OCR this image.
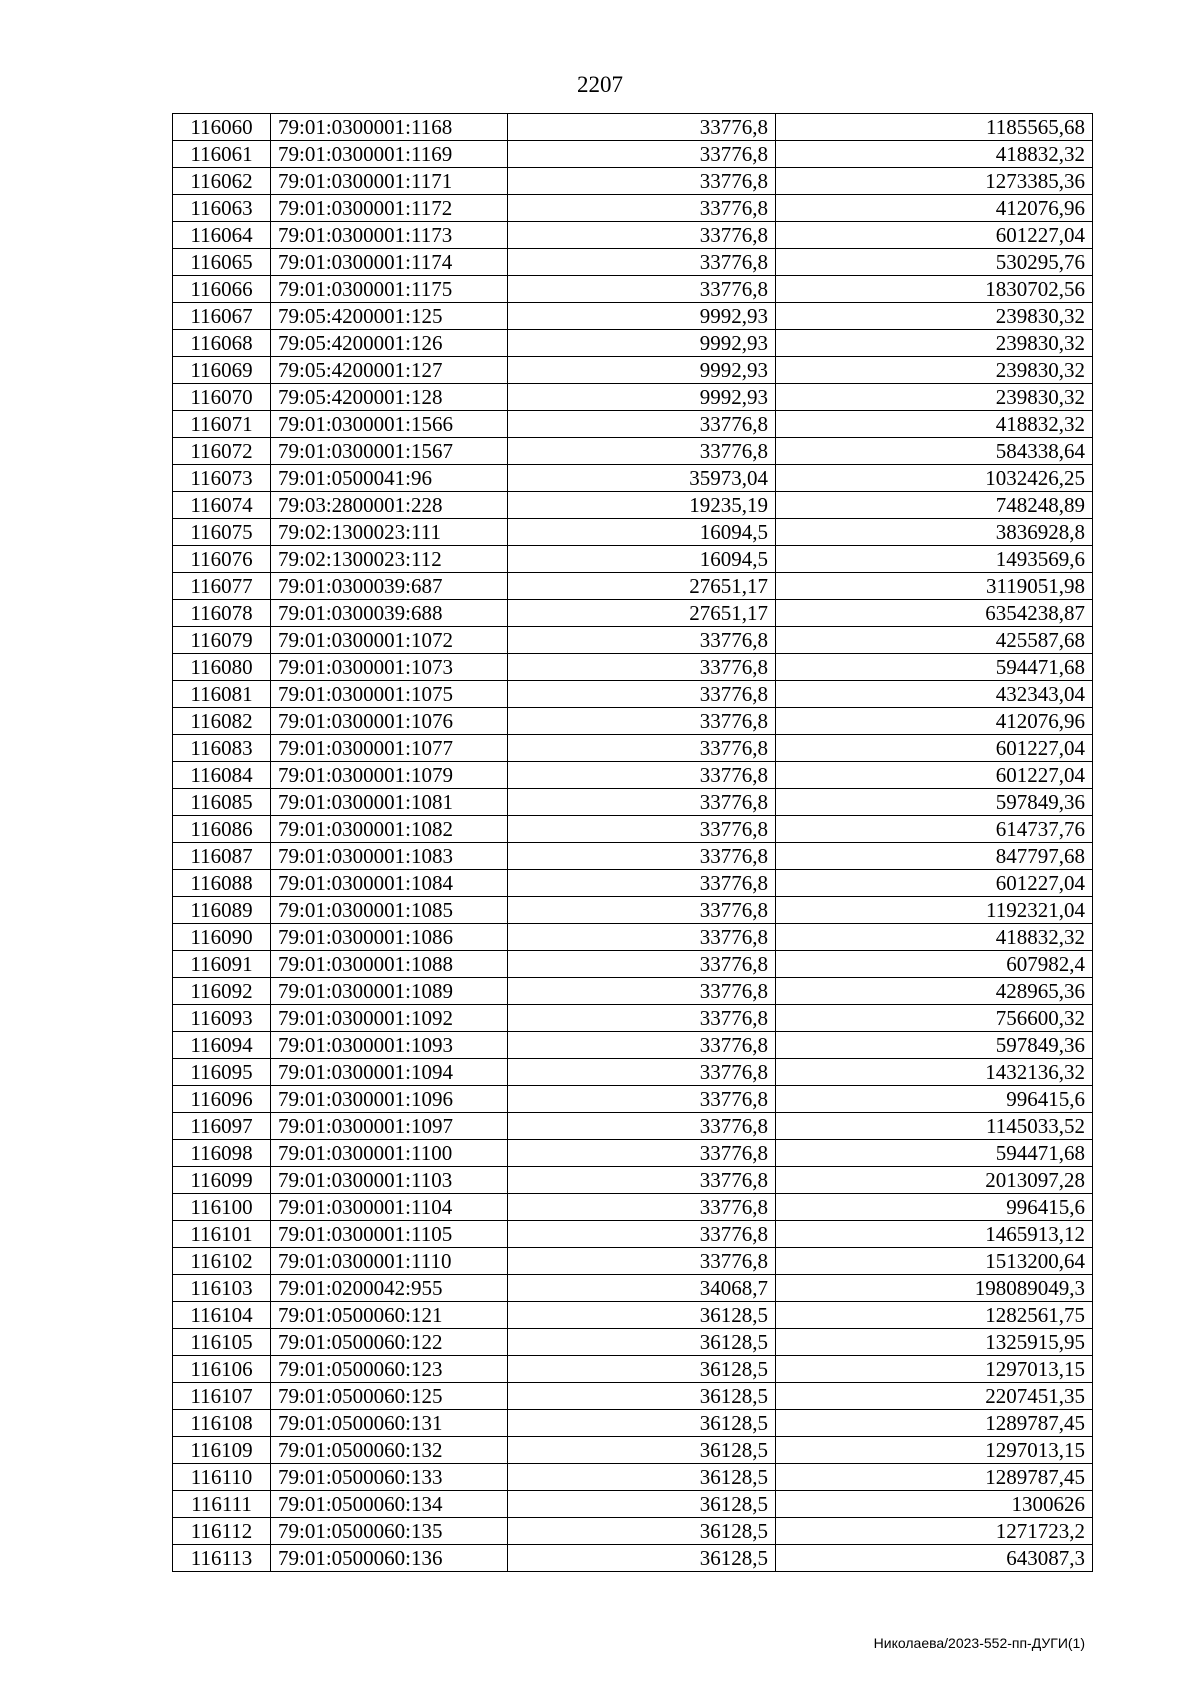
2207
116060	79:01:0300001:1168	33776,8	1185565,68
116061	79:01:0300001:1169	33776,8	418832,32
116062	79:01:0300001:1171	33776,8	1273385,36
116063	79:01:0300001:1172	33776,8	412076,96
116064	79:01:0300001:1173	33776,8	601227,04
116065	79:01:0300001:1174	33776,8	530295,76
116066	79:01:0300001:1175	33776,8	1830702,56
116067	79:05:4200001:125	9992,93	239830,32
116068	79:05:4200001:126	9992,93	239830,32
116069	79:05:4200001:127	9992,93	239830,32
116070	79:05:4200001:128	9992,93	239830,32
116071	79:01:0300001:1566	33776,8	418832,32
116072	79:01:0300001:1567	33776,8	584338,64
116073	79:01:0500041:96	35973,04	1032426,25
116074	79:03:2800001:228	19235,19	748248,89
116075	79:02:1300023:111	16094,5	3836928,8
116076	79:02:1300023:112	16094,5	1493569,6
116077	79:01:0300039:687	27651,17	3119051,98
116078	79:01:0300039:688	27651,17	6354238,87
116079	79:01:0300001:1072	33776,8	425587,68
116080	79:01:0300001:1073	33776,8	594471,68
116081	79:01:0300001:1075	33776,8	432343,04
116082	79:01:0300001:1076	33776,8	412076,96
116083	79:01:0300001:1077	33776,8	601227,04
116084	79:01:0300001:1079	33776,8	601227,04
116085	79:01:0300001:1081	33776,8	597849,36
116086	79:01:0300001:1082	33776,8	614737,76
116087	79:01:0300001:1083	33776,8	847797,68
116088	79:01:0300001:1084	33776,8	601227,04
116089	79:01:0300001:1085	33776,8	1192321,04
116090	79:01:0300001:1086	33776,8	418832,32
116091	79:01:0300001:1088	33776,8	607982,4
116092	79:01:0300001:1089	33776,8	428965,36
116093	79:01:0300001:1092	33776,8	756600,32
116094	79:01:0300001:1093	33776,8	597849,36
116095	79:01:0300001:1094	33776,8	1432136,32
116096	79:01:0300001:1096	33776,8	996415,6
116097	79:01:0300001:1097	33776,8	1145033,52
116098	79:01:0300001:1100	33776,8	594471,68
116099	79:01:0300001:1103	33776,8	2013097,28
116100	79:01:0300001:1104	33776,8	996415,6
116101	79:01:0300001:1105	33776,8	1465913,12
116102	79:01:0300001:1110	33776,8	1513200,64
116103	79:01:0200042:955	34068,7	198089049,3
116104	79:01:0500060:121	36128,5	1282561,75
116105	79:01:0500060:122	36128,5	1325915,95
116106	79:01:0500060:123	36128,5	1297013,15
116107	79:01:0500060:125	36128,5	2207451,35
116108	79:01:0500060:131	36128,5	1289787,45
116109	79:01:0500060:132	36128,5	1297013,15
116110	79:01:0500060:133	36128,5	1289787,45
116111	79:01:0500060:134	36128,5	1300626
116112	79:01:0500060:135	36128,5	1271723,2
116113	79:01:0500060:136	36128,5	643087,3
Николаева/2023-552-пп-ДУГИ(1)
